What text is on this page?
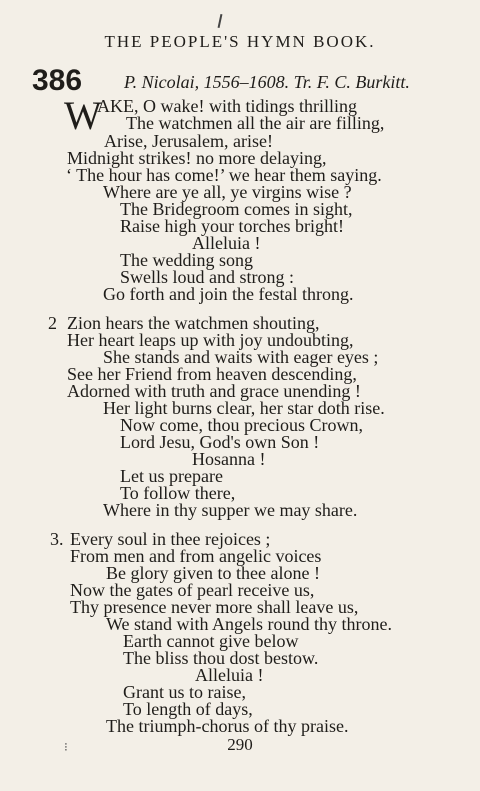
THE PEOPLE'S HYMN BOOK.
386 P. Nicolai, 1556–1608. Tr. F. C. Burkitt.
W
AKE, O wake! with tidings thrilling
The watchmen all the air are filling,
Arise, Jerusalem, arise!
Midnight strikes! no more delaying,
‘ The hour has come!’ we hear them saying.
Where are ye all, ye virgins wise ?
The Bridegroom comes in sight,
Raise high your torches bright!
Alleluia !
The wedding song
Swells loud and strong :
Go forth and join the festal throng.
2 Zion hears the watchmen shouting,
Her heart leaps up with joy undoubting,
She stands and waits with eager eyes ;
See her Friend from heaven descending,
Adorned with truth and grace unending !
Her light burns clear, her star doth rise.
Now come, thou precious Crown,
Lord Jesu, God's own Son !
Hosanna !
Let us prepare
To follow there,
Where in thy supper we may share.
3. Every soul in thee rejoices ;
From men and from angelic voices
Be glory given to thee alone !
Now the gates of pearl receive us,
Thy presence never more shall leave us,
We stand with Angels round thy throne.
Earth cannot give below
The bliss thou dost bestow.
Alleluia !
Grant us to raise,
To length of days,
The triumph-chorus of thy praise.
⁝	290
